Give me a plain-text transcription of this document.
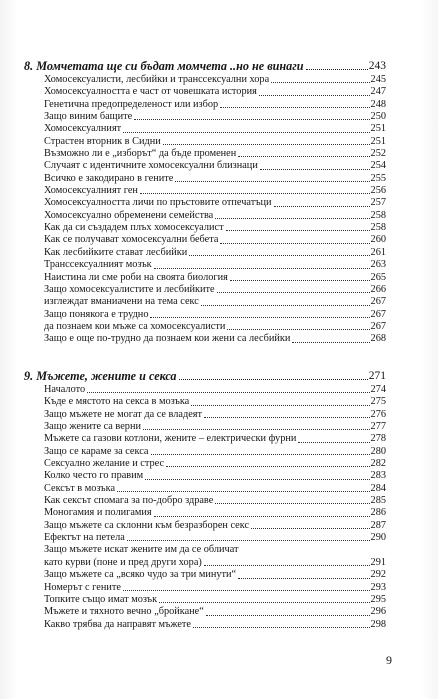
8. Момчетата ще си бъдат момчета ..но не винаги	243
Хомосексуалисти, лесбийки и транссексуални хора	245
Хомосексуалността е част от човешката история	247
Генетична предопределеност или избор	248
Защо виним бащите	250
Хомосексуалният	251
Страстен вторник в Сидни	251
Възможно ли е „изборът“ да бъде променен	252
Случаят с идентичните хомосексуални близнаци	254
Всичко е закодирано в гените	255
Хомосексуалният ген	256
Хомосексуалността личи по пръстовите отпечатъци	257
Хомосексуално обременени семейства	258
Как да си създадем плъх хомосексуалист	258
Как се получават хомосексуални бебета	260
Как лесбийките стават лесбийки	261
Транссексуалният мозък	263
Наистина ли сме роби на своята биология	265
Защо хомосексуалистите и лесбийките	266
изглеждат вманиачени на тема секс	267
Защо понякога е трудно	267
да познаем кои мъже са хомосексуалисти	267
Защо е още по-трудно да познаем кои жени са лесбийки	268
9. Мъжете, жените и секса	271
Началото	274
Къде е мястото на секса в мозъка	275
Защо мъжете не могат да се владеят	276
Защо жените са верни	277
Мъжете са газови котлони, жените – електрически фурни	278
Защо се караме за секса	280
Сексуално желание и стрес	282
Колко често го правим	283
Сексът в мозъка	284
Как сексът спомага за по-добро здраве	285
Моногамия и полигамия	286
Защо мъжете са склонни към безразборен секс	287
Ефектът на петела	290
Защо мъжете искат жените им да се обличат
като курви (поне и пред други хора)	291
Защо мъжете са „всяко чудо за три минути“	292
Номерът с гените	293
Топките също имат мозък	295
Мъжете и тяхното вечно „бройкане“	296
Какво трябва да направят мъжете	298
9
